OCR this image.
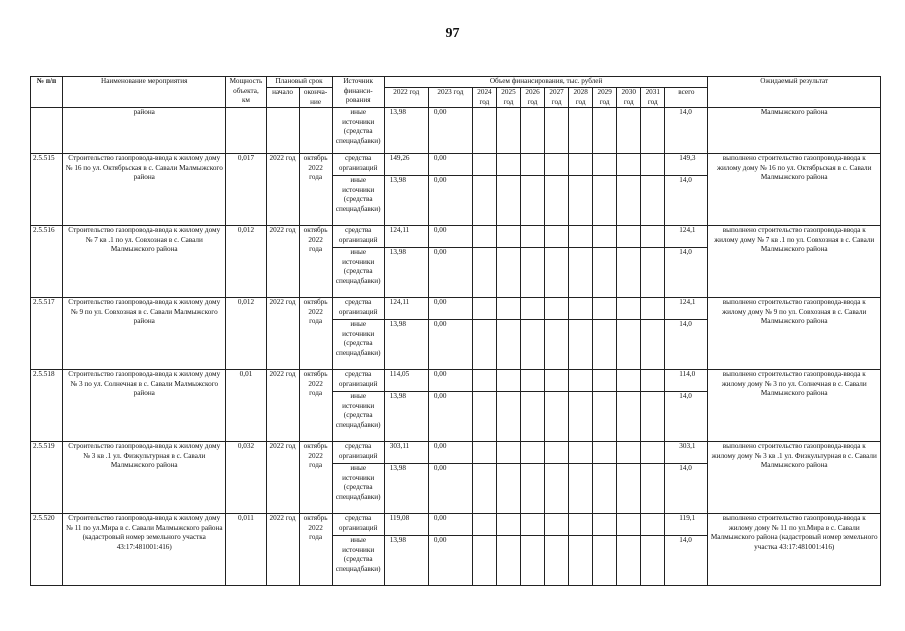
97
№ п/п	Наименование мероприятия	Мощность объекта, км	Плановый срок		Источник финанси- рования	Объем финансирования, тыс. рублей											Ожидаемый результат
			начало	оконча- ние		2022 год	2023 год	2024 год	2025 год	2026 год	2027 год	2028 год	2029 год	2030 год	2031 год	всего	
	района				иные источники (средства спецнадбавки)	13,98	0,00									14,0	Малмыжского района
2.5.515	Строительство газопровода-ввода к жилому дому № 16 по ул. Октябрьская в с. Савали Малмыжского района	0,017	2022 год	октябрь 2022 года	средства организаций	149,26	0,00									149,3	выполнено строительство газопровода-ввода к жилому дому № 16 по ул. Октябрьская в с. Савали Малмыжского района
					иные источники (средства спецнадбавки)	13,98	0,00									14,0	
2.5.516	Строительство газопровода-ввода к жилому дому № 7 кв .1 по ул. Совхозная в с. Савали Малмыжского района	0,012	2022 год	октябрь 2022 года	средства организаций	124,11	0,00									124,1	выполнено строительство газопровода-ввода к жилому дому № 7 кв .1 по ул. Совхозная в с. Савали Малмыжского района
					иные источники (средства спецнадбавки)	13,98	0,00									14,0	
2.5.517	Строительство газопровода-ввода к жилому дому № 9 по ул. Совхозная в с. Савали Малмыжского района	0,012	2022 год	октябрь 2022 года	средства организаций	124,11	0,00									124,1	выполнено строительство газопровода-ввода к жилому дому № 9 по ул. Совхозная в с. Савали Малмыжского района
					иные источники (средства спецнадбавки)	13,98	0,00									14,0	
2.5.518	Строительство газопровода-ввода к жилому дому № 3 по ул. Солнечная в с. Савали Малмыжского района	0,01	2022 год	октябрь 2022 года	средства организаций	114,05	0,00									114,0	выполнено строительство газопровода-ввода к жилому дому № 3 по ул. Солнечная в с. Савали Малмыжского района
					иные источники (средства спецнадбавки)	13,98	0,00									14,0	
2.5.519	Строительство газопровода-ввода к жилому дому № 3 кв .1 ул. Физкультурная в с. Савали Малмыжского района	0,032	2022 год	октябрь 2022 года	средства организаций	303,11	0,00									303,1	выполнено строительство газопровода-ввода к жилому дому № 3 кв .1 ул. Физкультурная в с. Савали Малмыжского района
					иные источники (средства спецнадбавки)	13,98	0,00									14,0	
2.5.520	Строительство газопровода-ввода к жилому дому № 11 по ул.Мира в с. Савали Малмыжского района (кадастровый номер земельного участка 43:17:481001:416)	0,011	2022 год	октябрь 2022 года	средства организаций	119,08	0,00									119,1	выполнено строительство газопровода-ввода к жилому дому № 11 по ул.Мира в с. Савали Малмыжского района (кадастровый номер земельного участка 43:17:481001:416)
					иные источники (средства спецнадбавки)	13,98	0,00									14,0	
